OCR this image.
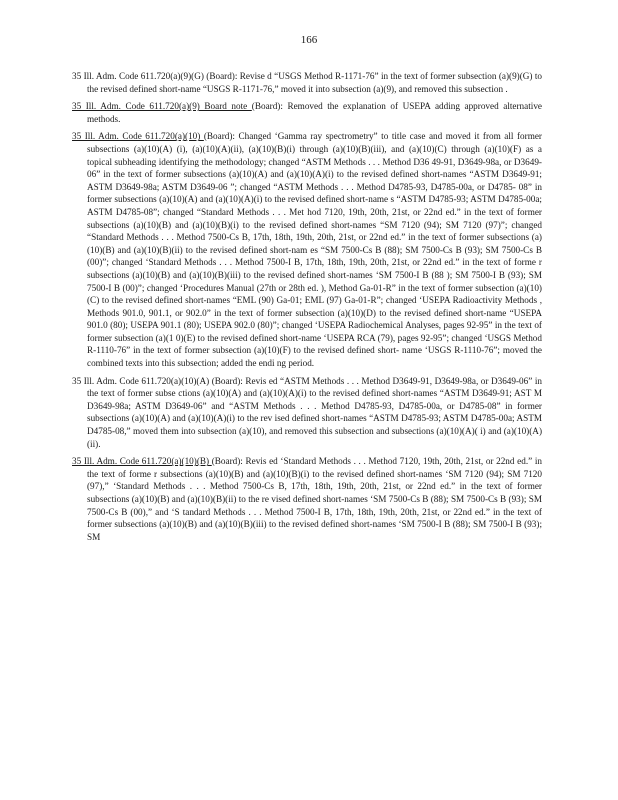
166

35 Ill. Adm. Code 611.720(a)(9)(G) (Board): Revise d “USGS Method R-1171-76” in the text of former subsection (a)(9)(G) to the revised defined short-name “USGS R-1171-76,” moved it into subsection (a)(9), and removed this subsection .

35 Ill. Adm. Code 611.720(a)(9) Board note (Board): Removed the explanation of USEPA adding approved alternative methods.

35 Ill. Adm. Code 611.720(a)(10) (Board): Changed ‘Gamma ray spectrometry” to title case and moved it from all former subsections (a)(10)(A) (i), (a)(10)(A)(ii), (a)(10)(B)(i) through (a)(10)(B)(iii), and (a)(10)(C) through (a)(10)(F) as a topical subheading identifying the methodology; changed “ASTM Methods . . . Method D36 49-91, D3649-98a, or D3649-06” in the text of former subsections (a)(10)(A) and (a)(10)(A)(i) to the revised defined short-names “ASTM D3649-91; ASTM D3649-98a; ASTM D3649-06 ”; changed “ASTM Methods . . . Method D4785-93, D4785-00a, or D4785- 08” in former subsections (a)(10)(A) and (a)(10)(A)(i) to the revised defined short-name s “ASTM D4785-93; ASTM D4785-00a; ASTM D4785-08”; changed “Standard Methods . . . Met hod 7120, 19th, 20th, 21st, or 22nd ed.” in the text of former subsections (a)(10)(B) and (a)(10)(B)(i) to the revised defined short-names “SM 7120 (94); SM 7120 (97)”; changed “Standard Methods . . . Method 7500-Cs B, 17th, 18th, 19th, 20th, 21st, or 22nd ed.” in the text of former subsections (a)(10)(B) and (a)(10)(B)(ii) to the revised defined short-nam es “SM 7500-Cs B (88); SM 7500-Cs B (93); SM 7500-Cs B (00)”; changed ‘Standard Methods . . . Method 7500-I B, 17th, 18th, 19th, 20th, 21st, or 22nd ed.” in the text of forme r subsections (a)(10)(B) and (a)(10)(B)(iii) to the revised defined short-names ‘SM 7500-I B (88 ); SM 7500-I B (93); SM 7500-I B (00)”; changed ‘Procedures Manual (27th or 28th ed. ), Method Ga-01-R” in the text of former subsection (a)(10)(C) to the revised defined short-names “EML (90) Ga-01; EML (97) Ga-01-R”; changed ‘USEPA Radioactivity Methods , Methods 901.0, 901.1, or 902.0” in the text of former subsection (a)(10)(D) to the revised defined short-name “USEPA 901.0 (80); USEPA 901.1 (80); USEPA 902.0 (80)”; changed ‘USEPA Radiochemical Analyses, pages 92-95” in the text of former subsection (a)(1 0)(E) to the revised defined short-name ‘USEPA RCA (79), pages 92-95”; changed ‘USGS Method R-1110-76” in the text of former subsection (a)(10)(F) to the revised defined short- name ‘USGS R-1110-76”; moved the combined texts into this subsection; added the endi ng period.

35 Ill. Adm. Code 611.720(a)(10)(A) (Board): Revis ed “ASTM Methods . . . Method D3649-91, D3649-98a, or D3649-06” in the text of former subse ctions (a)(10)(A) and (a)(10)(A)(i) to the revised defined short-names “ASTM D3649-91; AST M D3649-98a; ASTM D3649-06” and “ASTM Methods . . . Method D4785-93, D4785-00a, or D4785-08” in former subsections (a)(10)(A) and (a)(10)(A)(i) to the rev ised defined short-names “ASTM D4785-93; ASTM D4785-00a; ASTM D4785-08,” moved them into subsection (a)(10), and removed this subsection and subsections (a)(10)(A)( i) and (a)(10)(A)(ii).

35 Ill. Adm. Code 611.720(a)(10)(B) (Board): Revis ed ‘Standard Methods . . . Method 7120, 19th, 20th, 21st, or 22nd ed.” in the text of forme r subsections (a)(10)(B) and (a)(10)(B)(i) to the revised defined short-names ‘SM 7120 (94); SM 7120 (97),” ‘Standard Methods . . . Method 7500-Cs B, 17th, 18th, 19th, 20th, 21st, or 22nd ed.” in the text of former subsections (a)(10)(B) and (a)(10)(B)(ii) to the re vised defined short-names ‘SM 7500-Cs B (88); SM 7500-Cs B (93); SM 7500-Cs B (00),” and ‘S tandard Methods . . . Method 7500-I B, 17th, 18th, 19th, 20th, 21st, or 22nd ed.” in the text of former subsections (a)(10)(B) and (a)(10)(B)(iii) to the revised defined short-names ‘SM 7500-I B (88); SM 7500-I B (93); SM
